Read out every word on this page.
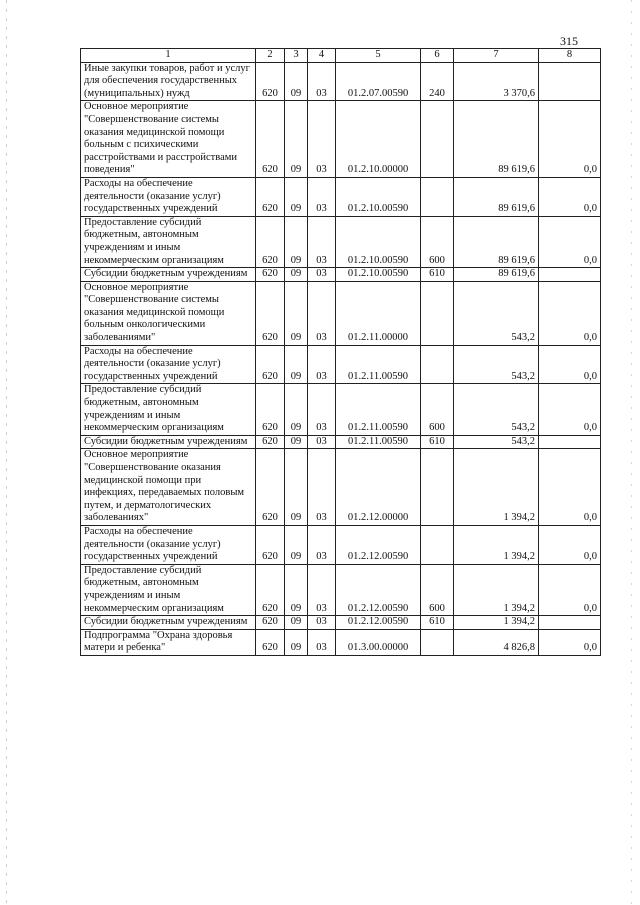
315
1	2	3	4	5	6	7	8
Иные закупки товаров, работ и услуг для обеспечения государственных (муниципальных) нужд	620	09	03	01.2.07.00590	240	3 370,6	
Основное мероприятие "Совершенствование системы оказания медицинской помощи больным с психическими расстройствами и расстройствами поведения"	620	09	03	01.2.10.00000		89 619,6	0,0
Расходы на обеспечение деятельности (оказание услуг) государственных учреждений	620	09	03	01.2.10.00590		89 619,6	0,0
Предоставление субсидий бюджетным, автономным учреждениям и иным некоммерческим организациям	620	09	03	01.2.10.00590	600	89 619,6	0,0
Субсидии бюджетным учреждениям	620	09	03	01.2.10.00590	610	89 619,6	
Основное мероприятие "Совершенствование системы оказания медицинской помощи больным онкологическими заболеваниями"	620	09	03	01.2.11.00000		543,2	0,0
Расходы на обеспечение деятельности (оказание услуг) государственных учреждений	620	09	03	01.2.11.00590		543,2	0,0
Предоставление субсидий бюджетным, автономным учреждениям и иным некоммерческим организациям	620	09	03	01.2.11.00590	600	543,2	0,0
Субсидии бюджетным учреждениям	620	09	03	01.2.11.00590	610	543,2	
Основное мероприятие "Совершенствование оказания медицинской помощи при инфекциях, передаваемых половым путем, и дерматологических заболеваниях"	620	09	03	01.2.12.00000		1 394,2	0,0
Расходы на обеспечение деятельности (оказание услуг) государственных учреждений	620	09	03	01.2.12.00590		1 394,2	0,0
Предоставление субсидий бюджетным, автономным учреждениям и иным некоммерческим организациям	620	09	03	01.2.12.00590	600	1 394,2	0,0
Субсидии бюджетным учреждениям	620	09	03	01.2.12.00590	610	1 394,2	
Подпрограмма "Охрана здоровья матери и ребенка"	620	09	03	01.3.00.00000		4 826,8	0,0
